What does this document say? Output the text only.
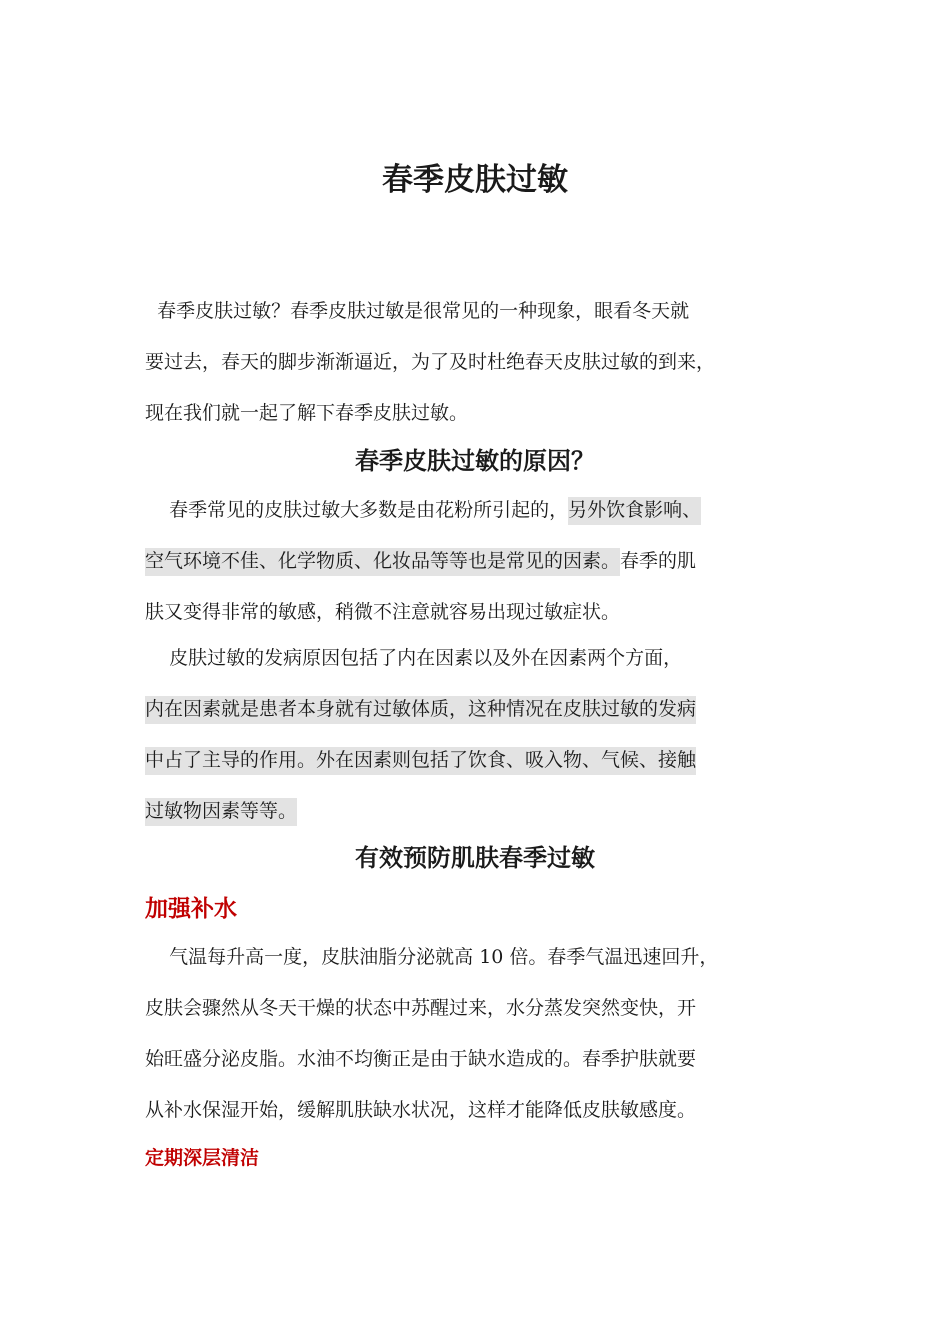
春季皮肤过敏
春季皮肤过敏？春季皮肤过敏是很常见的一种现象，眼看冬天就
要过去，春天的脚步渐渐逼近，为了及时杜绝春天皮肤过敏的到来，
现在我们就一起了解下春季皮肤过敏。
春季皮肤过敏的原因？
春季常见的皮肤过敏大多数是由花粉所引起的，另外饮食影响、
空气环境不佳、化学物质、化妆品等等也是常见的因素。春季的肌
肤又变得非常的敏感，稍微不注意就容易出现过敏症状。
皮肤过敏的发病原因包括了内在因素以及外在因素两个方面，
内在因素就是患者本身就有过敏体质，这种情况在皮肤过敏的发病
中占了主导的作用。外在因素则包括了饮食、吸入物、气候、接触
过敏物因素等等。
有效预防肌肤春季过敏
加强补水
气温每升高一度，皮肤油脂分泌就高 10 倍。春季气温迅速回升，
皮肤会骤然从冬天干燥的状态中苏醒过来，水分蒸发突然变快，开
始旺盛分泌皮脂。水油不均衡正是由于缺水造成的。春季护肤就要
从补水保湿开始，缓解肌肤缺水状况，这样才能降低皮肤敏感度。
定期深层清洁
